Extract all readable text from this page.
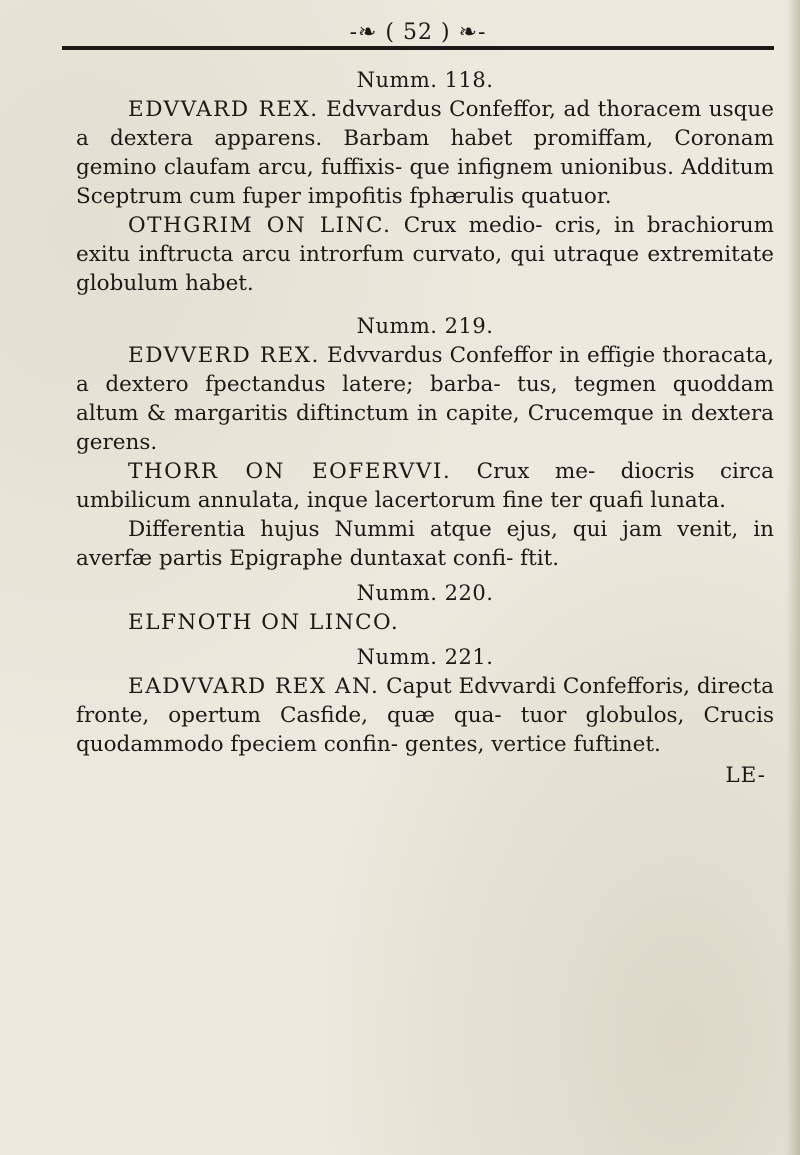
-❧ ( 52 ) ❧-
Numm. 118.

EDVVARD REX. Edvvardus Confeffor, ad thoracem usque a dextera apparens. Barbam habet promiffam, Coronam gemino claufam arcu, fuffixis- que infignem unionibus. Additum Sceptrum cum fuper impofitis fphærulis quatuor.

OTHGRIM ON LINC. Crux medio- cris, in brachiorum exitu inftructa arcu introrfum curvato, qui utraque extremitate globulum habet.

Numm. 219.

EDVVERD REX. Edvvardus Confeffor in effigie thoracata, a dextero fpectandus latere; barba- tus, tegmen quoddam altum & margaritis diftinctum in capite, Crucemque in dextera gerens.

THORR ON EOFERVVI. Crux me- diocris circa umbilicum annulata, inque lacertorum fine ter quafi lunata.

Differentia hujus Nummi atque ejus, qui jam venit, in averfæ partis Epigraphe duntaxat confi- ftit.

Numm. 220.

ELFNOTH ON LINCO.

Numm. 221.

EADVVARD REX AN. Caput Edvvardi Confefforis, directa fronte, opertum Casfide, quæ qua- tuor globulos, Crucis quodammodo fpeciem confin- gentes, vertice fuftinet.

LE-
